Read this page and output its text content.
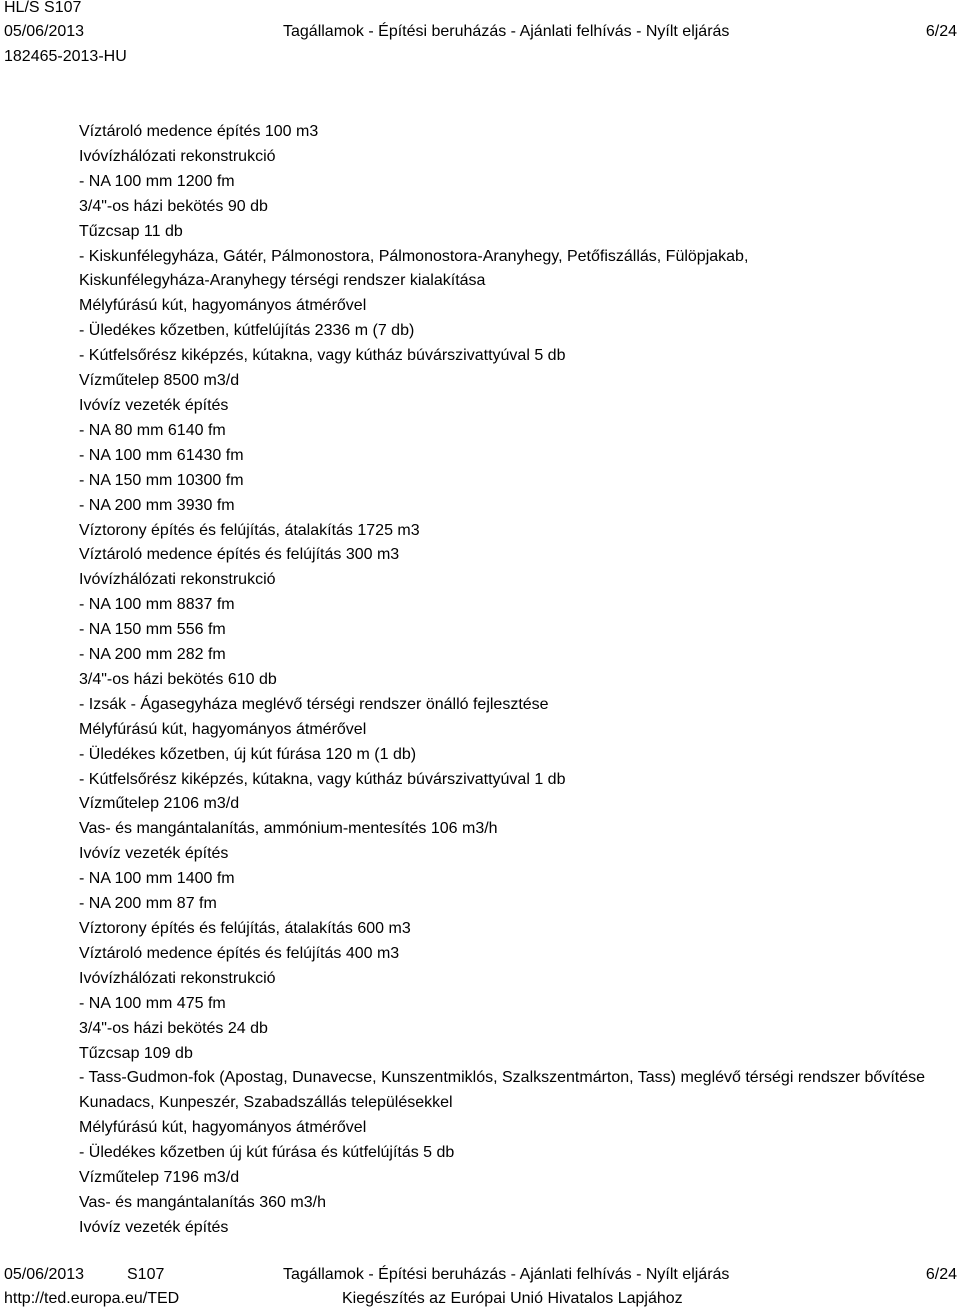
HL/S S107
05/06/2013	Tagállamok - Építési beruházás - Ajánlati felhívás - Nyílt eljárás	6/24
182465-2013-HU
Víztároló medence építés 100 m3
Ivóvízhálózati rekonstrukció
- NA 100 mm 1200 fm
3/4"-os házi bekötés 90 db
Tűzcsap 11 db
- Kiskunfélegyháza, Gátér, Pálmonostora, Pálmonostora-Aranyhegy, Petőfiszállás, Fülöpjakab,
Kiskunfélegyháza-Aranyhegy térségi rendszer kialakítása
Mélyfúrású kút, hagyományos átmérővel
- Üledékes kőzetben, kútfelújítás 2336 m (7 db)
- Kútfelsőrész kiképzés, kútakna, vagy kútház búvárszivattyúval 5 db
Vízműtelep 8500 m3/d
Ivóvíz vezeték építés
- NA 80 mm 6140 fm
- NA 100 mm 61430 fm
- NA 150 mm 10300 fm
- NA 200 mm 3930 fm
Víztorony építés és felújítás, átalakítás 1725 m3
Víztároló medence építés és felújítás 300 m3
Ivóvízhálózati rekonstrukció
- NA 100 mm 8837 fm
- NA 150 mm 556 fm
- NA 200 mm 282 fm
3/4"-os házi bekötés 610 db
- Izsák - Ágasegyháza meglévő térségi rendszer önálló fejlesztése
Mélyfúrású kút, hagyományos átmérővel
- Üledékes kőzetben, új kút fúrása 120 m (1 db)
- Kútfelsőrész kiképzés, kútakna, vagy kútház búvárszivattyúval 1 db
Vízműtelep 2106 m3/d
Vas- és mangántalanítás, ammónium-mentesítés 106 m3/h
Ivóvíz vezeték építés
- NA 100 mm 1400 fm
- NA 200 mm 87 fm
Víztorony építés és felújítás, átalakítás 600 m3
Víztároló medence építés és felújítás 400 m3
Ivóvízhálózati rekonstrukció
- NA 100 mm 475 fm
3/4"-os házi bekötés 24 db
Tűzcsap 109 db
- Tass-Gudmon-fok (Apostag, Dunavecse, Kunszentmiklós, Szalkszentmárton, Tass) meglévő térségi rendszer bővítése Kunadacs, Kunpeszér, Szabadszállás településekkel
Mélyfúrású kút, hagyományos átmérővel
- Üledékes kőzetben új kút fúrása és kútfelújítás 5 db
Vízműtelep 7196 m3/d
Vas- és mangántalanítás 360 m3/h
Ivóvíz vezeték építés
05/06/2013	S107	Tagállamok - Építési beruházás - Ajánlati felhívás - Nyílt eljárás	6/24
http://ted.europa.eu/TED	Kiegészítés az Európai Unió Hivatalos Lapjához
